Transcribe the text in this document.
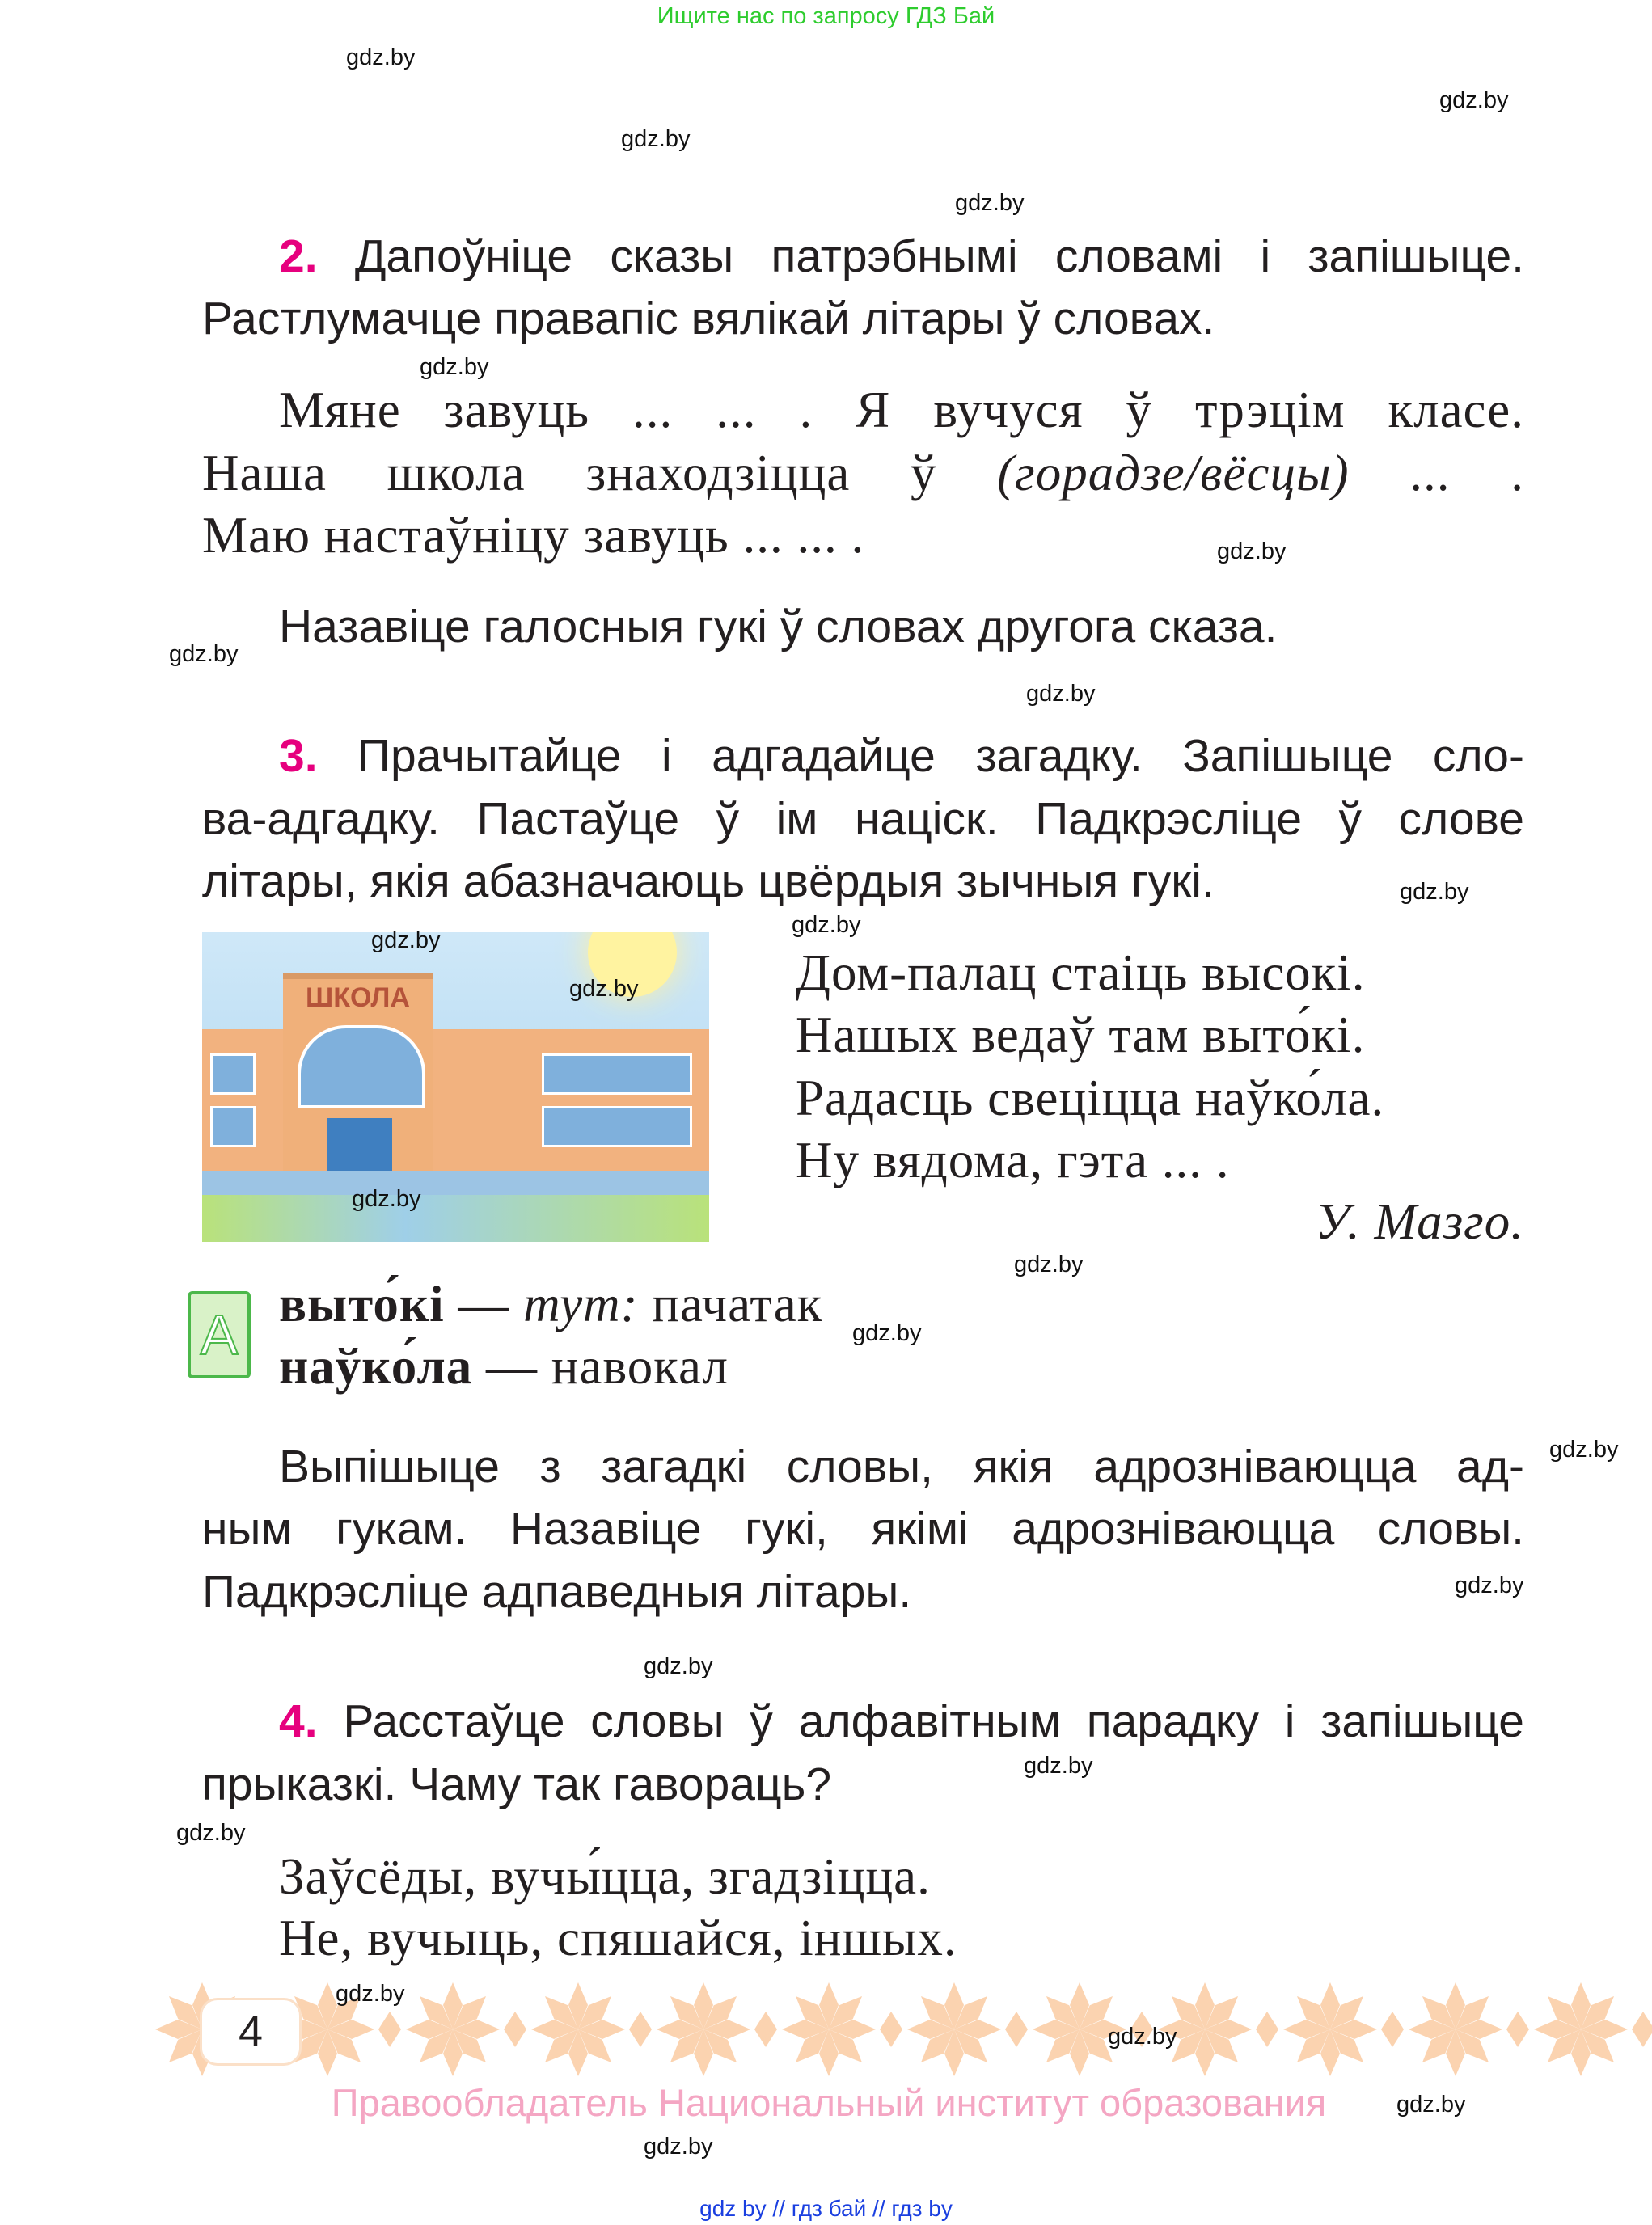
Ищите нас по запросу ГДЗ Бай
2. Дапоўніце сказы патрэбнымі словамі і запішыце.
Растлумачце правапіс вялікай літары ў словах.
Мяне завуць ... ... . Я вучуся ў трэцім класе.
Наша школа знаходзіцца ў (горадзе/вёсцы) ... .
Маю настаўніцу завуць ... ... .
Назавіце галосныя гукі ў словах другога сказа.
3. Прачытайце і адгадайце загадку. Запішыце сло-
ва-адгадку. Пастаўце ў ім націск. Падкрэсліце ў слове
літары, якія абазначаюць цвёрдыя зычныя гукі.
ШКОЛА	Дом-палац стаіць высокі.
Нашых ведаў там выто́кі.
Радасць свеціцца наўко́ла.
Ну вядома, гэта ... .
У. Мазго.
A выто́кі — тут: пачатак
наўко́ла — навокал
Выпішыце з загадкі словы, якія адрозніваюцца ад-
ным гукам. Назавіце гукі, якімі адрозніваюцца словы.
Падкрэсліце адпаведныя літары.
4. Расстаўце словы ў алфавітным парадку і запішыце
прыказкі. Чаму так гавораць?
Заўсёды, вучы́цца, згадзіцца.
Не, вучыць, спяшайся, іншых.
4
Правообладатель Национальный институт образования
gdz by // гдз бай // гдз by
gdz.by
gdz.by
gdz.by
gdz.by
gdz.by
gdz.by
gdz.by
gdz.by
gdz.by
gdz.by
gdz.by
gdz.by
gdz.by
gdz.by
gdz.by
gdz.by
gdz.by
gdz.by
gdz.by
gdz.by
gdz.by
gdz.by
gdz.by
gdz.by
